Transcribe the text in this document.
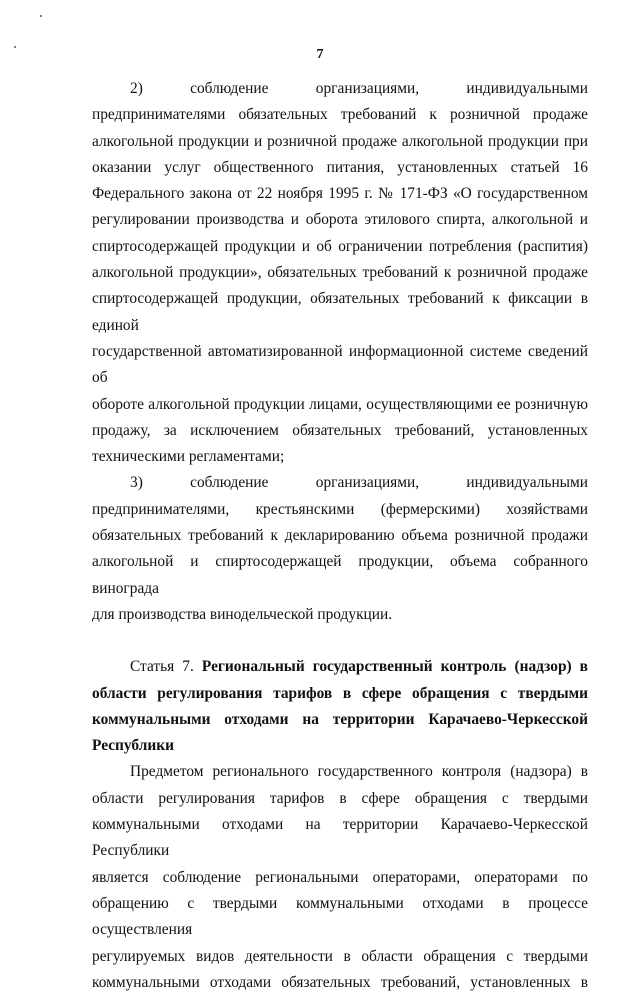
7
2)      соблюдение      организациями,      индивидуальными
предпринимателями обязательных требований к розничной продаже
алкогольной продукции и розничной продаже алкогольной продукции при
оказании услуг общественного питания, установленных статьей 16
Федерального закона от 22 ноября 1995 г. № 171-ФЗ «О государственном
регулировании производства и оборота этилового спирта, алкогольной и
спиртосодержащей продукции и об ограничении потребления (распития)
алкогольной продукции», обязательных требований к розничной продаже
спиртосодержащей продукции, обязательных требований к фиксации в единой
государственной автоматизированной информационной системе сведений об
обороте алкогольной продукции лицами, осуществляющими ее розничную
продажу, за исключением обязательных требований, установленных
техническими регламентами;
3)      соблюдение      организациями,      индивидуальными
предпринимателями, крестьянскими (фермерскими) хозяйствами
обязательных требований к декларированию объема розничной продажи
алкогольной и спиртосодержащей продукции, объема собранного винограда
для производства винодельческой продукции.
Статья 7. Региональный государственный контроль (надзор) в
области регулирования тарифов в сфере обращения с твердыми
коммунальными отходами на территории Карачаево-Черкесской
Республики
Предметом регионального государственного контроля (надзора) в
области регулирования тарифов в сфере обращения с твердыми
коммунальными отходами на территории Карачаево-Черкесской Республики
является соблюдение региональными операторами, операторами по
обращению с твердыми коммунальными отходами в процессе осуществления
регулируемых видов деятельности в области обращения с твердыми
коммунальными отходами обязательных требований, установленных в
